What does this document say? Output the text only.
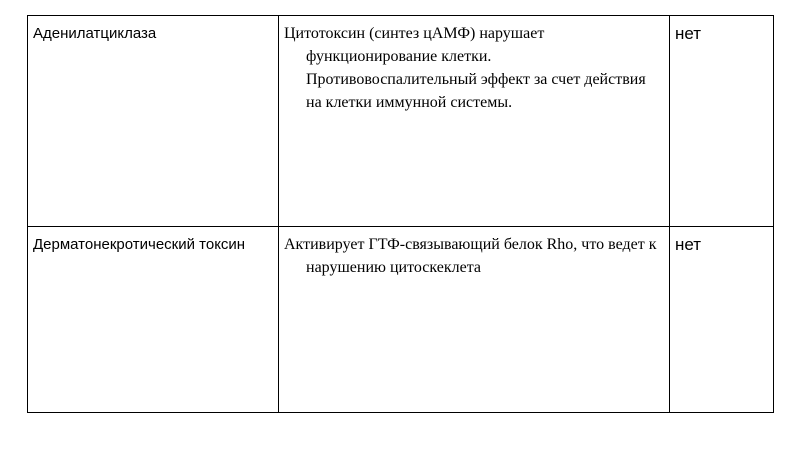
Аденилатциклаза	Цитотоксин (синтез цАМФ) нарушает функционирование клетки. Противовоспалительный эффект за счет действия на клетки иммунной системы.	нет

Дерматонекротический токсин	Активирует ГТФ-связывающий белок Rho, что ведет к нарушению цитоскеклета	нет
